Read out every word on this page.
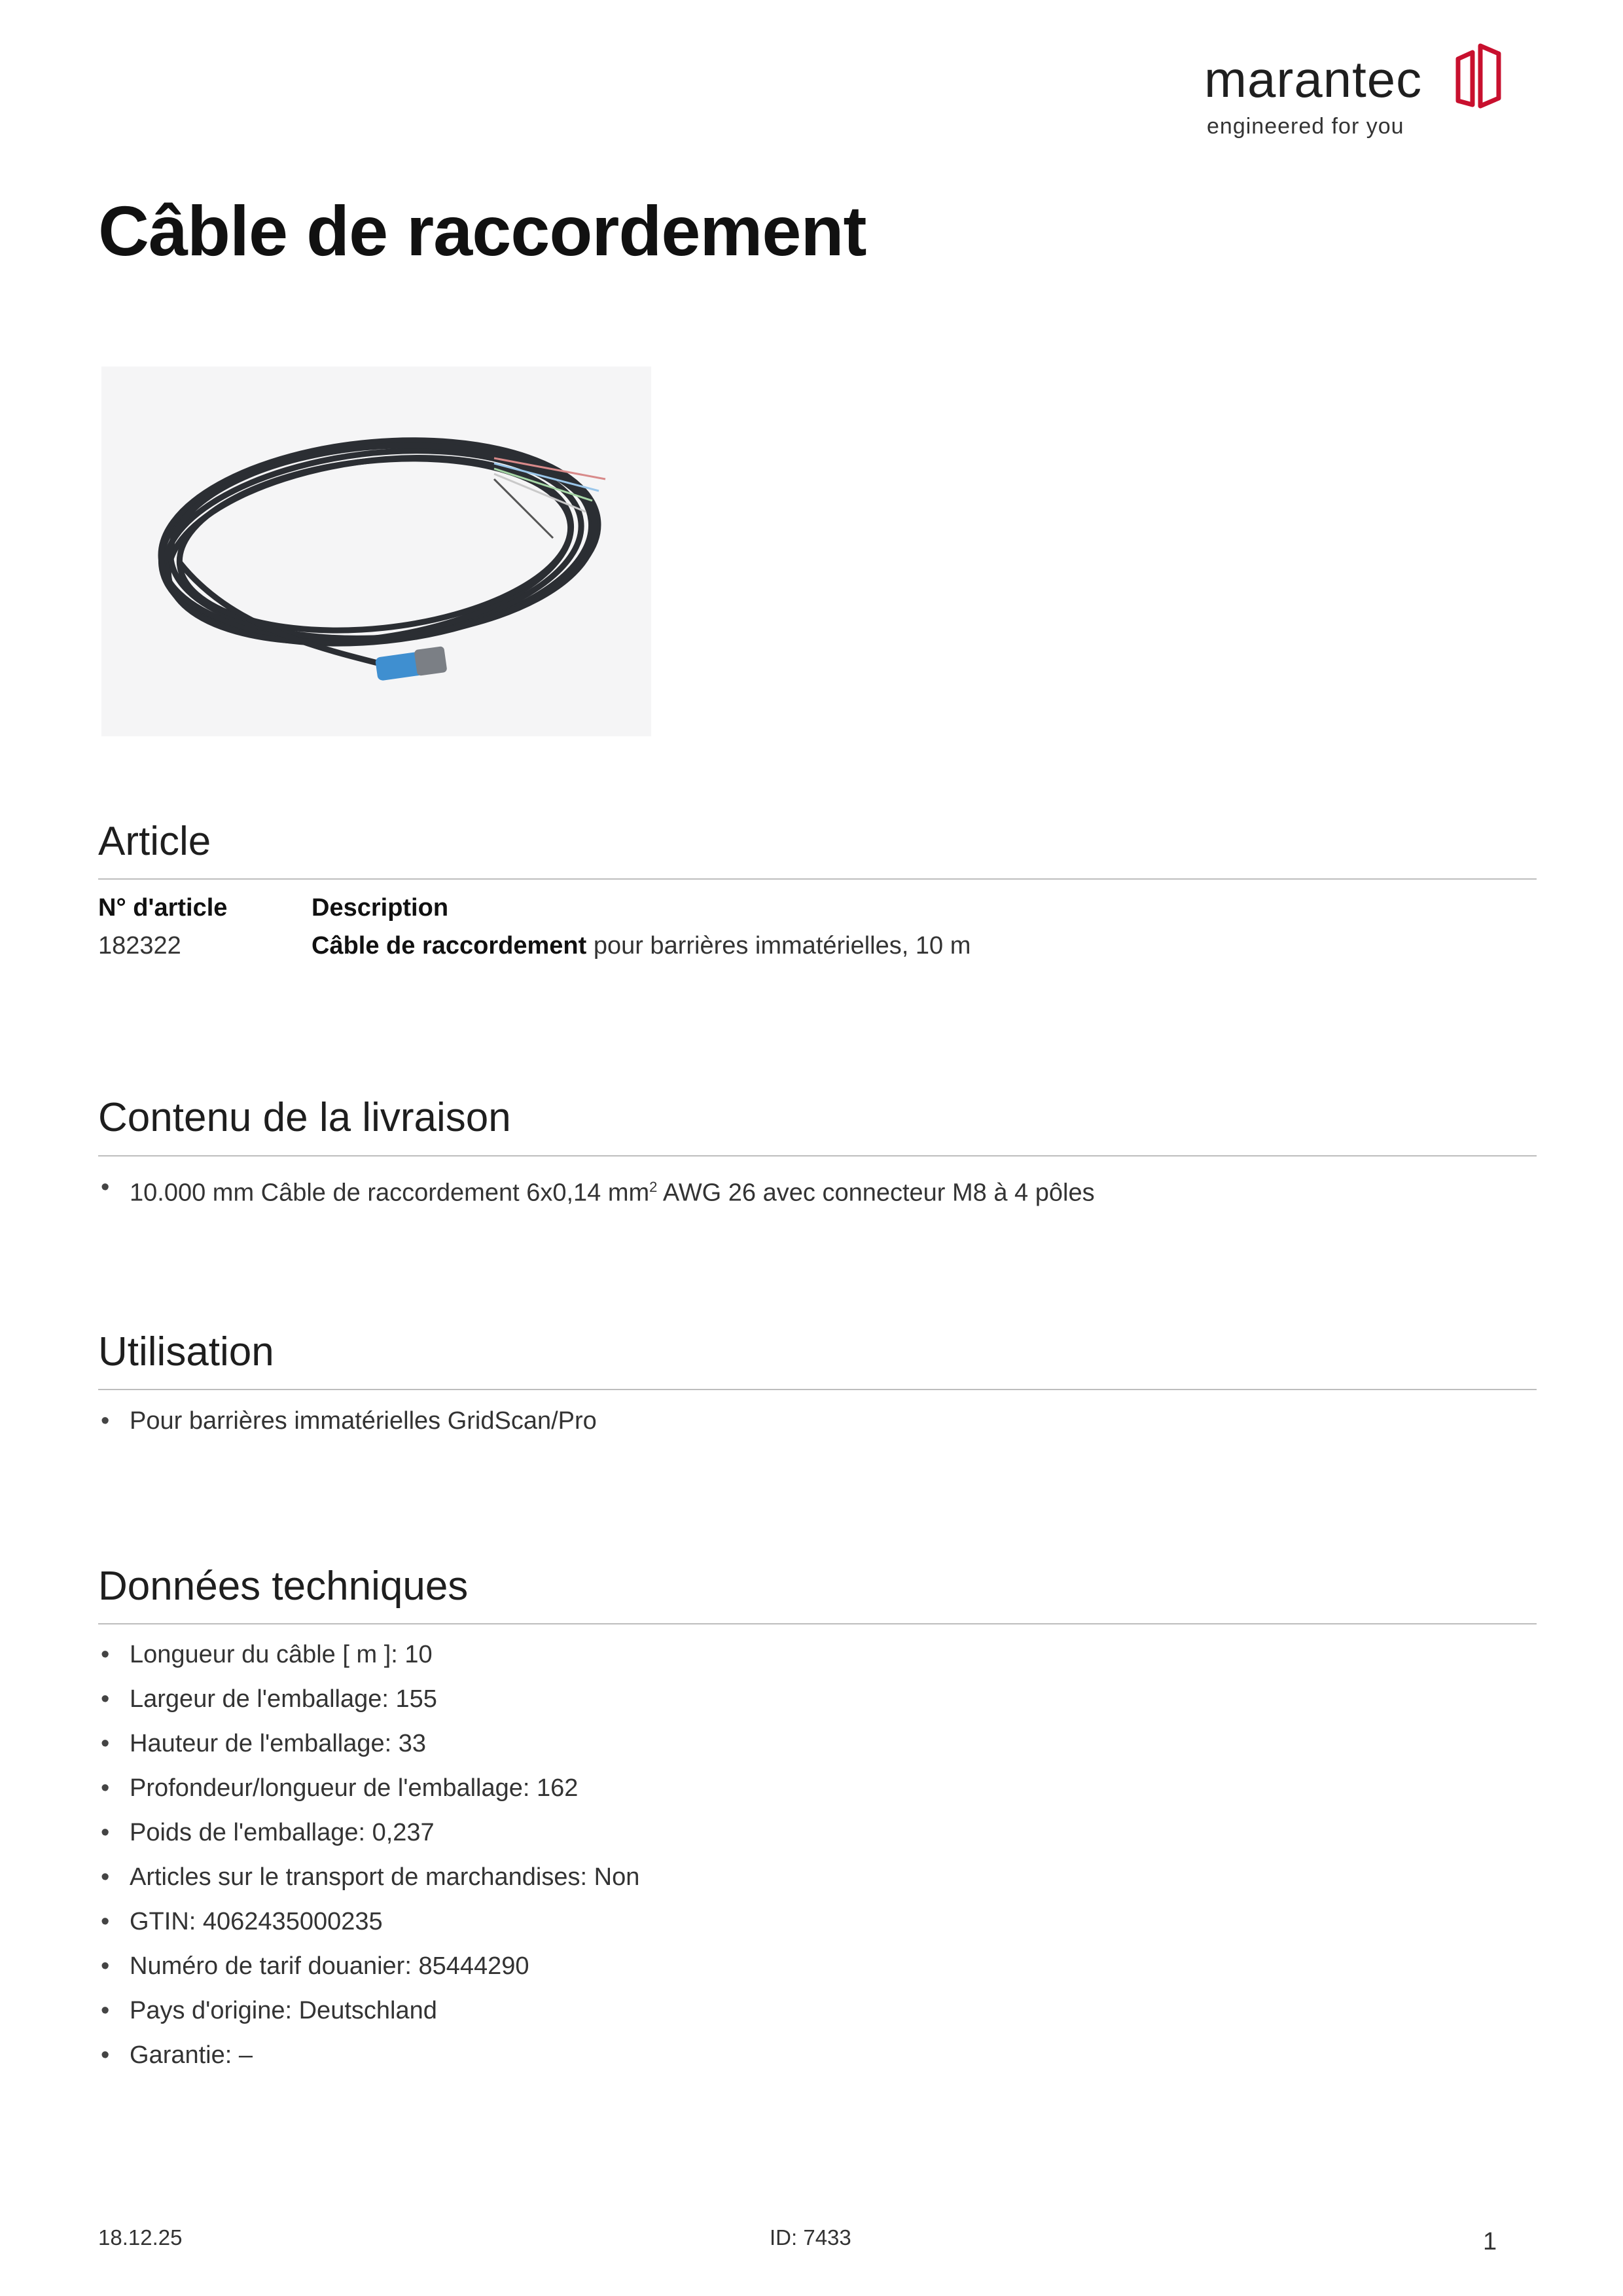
marantec
engineered for you
Câble de raccordement
Article
N° d'article	Description
182322	Câble de raccordement pour barrières immatérielles, 10 m
Contenu de la livraison
• 10.000 mm Câble de raccordement 6x0,14 $mm^2$ AWG 26 avec connecteur M8 à 4 pôles
Utilisation
• Pour barrières immatérielles GridScan/Pro
Données techniques
• Longueur du câble [ m ]: 10
• Largeur de l'emballage: 155
• Hauteur de l'emballage: 33
• Profondeur/longueur de l'emballage: 162
• Poids de l'emballage: 0,237
• Articles sur le transport de marchandises: Non
• GTIN: 4062435000235
• Numéro de tarif douanier: 85444290
• Pays d'origine: Deutschland
• Garantie: –
18.12.25	ID: 7433	1
